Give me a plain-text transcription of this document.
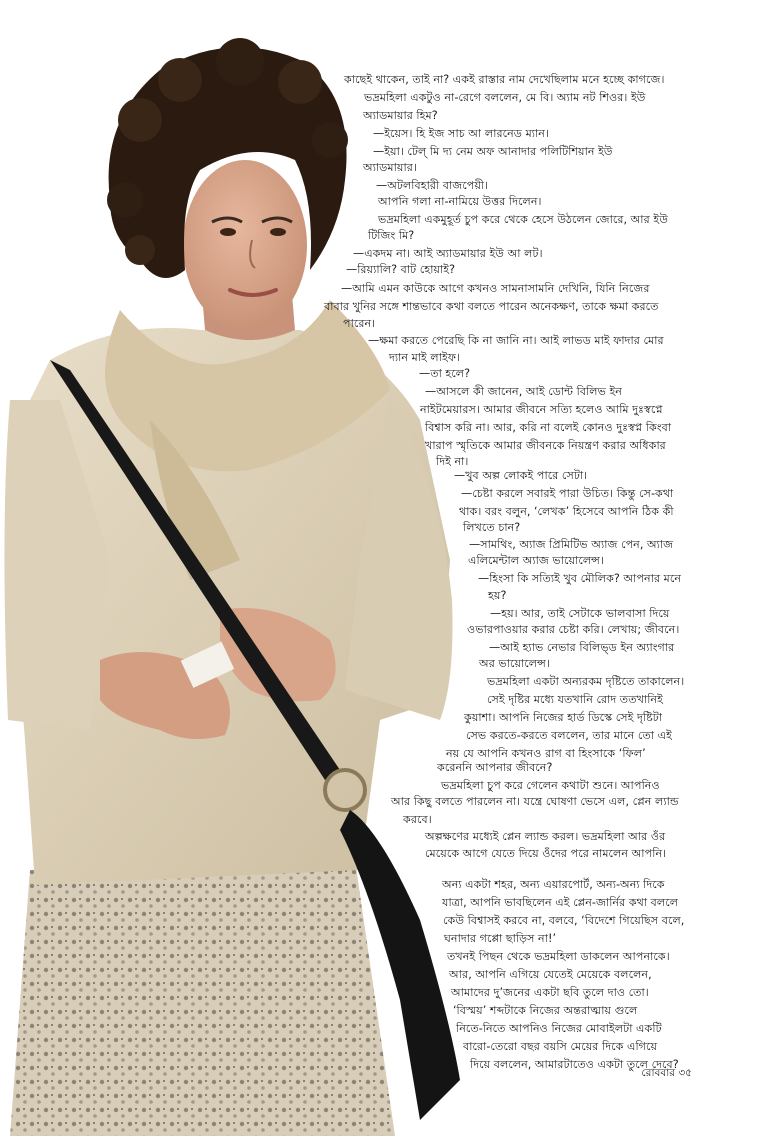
কাছেই থাকেন, তাই না? একই রাস্তার নাম দেখেছিলাম মনে হচ্ছে কাগজে।
ভদ্রমহিলা একটুও না-রেগে বললেন, মে বি। অ্যাম নট শিওর। ইউ
অ্যাডমায়ার হিম?
—ইয়েস। হি ইজ সাচ আ লারনেড ম্যান।
—ইয়া। টেল্‌ মি দ্য নেম অফ আনাদার পলিটিশিয়ান ইউ
অ্যাডমায়ার।
—অটলবিহারী বাজপেয়ী।
আপনি গলা না-নামিয়ে উত্তর দিলেন।
ভদ্রমহিলা একমুহূর্ত চুপ করে থেকে হেসে উঠলেন জোরে, আর ইউ
টিজিং মি?
—একদম না। আই অ্যাডমায়ার ইউ আ লট।
—রিয়্যালি? বাট হোয়াই?
—আমি এমন কাউকে আগে কখনও সামনাসামনি দেখিনি, যিনি নিজের
বাবার খুনির সঙ্গে শান্তভাবে কথা বলতে পারেন অনেকক্ষণ, তাকে ক্ষমা করতে
পারেন।
—ক্ষমা করতে পেরেছি কি না জানি না। আই লাভড মাই ফাদার মোর
দ্যান মাই লাইফ।
—তা হলে?
—আসলে কী জানেন, আই ডোন্ট বিলিভ ইন
নাইটমেয়ারস। আমার জীবনে সত্যি হলেও আমি দুঃস্বপ্নে
বিশ্বাস করি না। আর, করি না বলেই কোনও দুঃস্বপ্ন কিংবা
খারাপ স্মৃতিকে আমার জীবনকে নিয়ন্ত্রণ করার অধিকার
দিই না।
—খুব অল্প লোকই পারে সেটা।
—চেষ্টা করলে সবারই পারা উচিত। কিন্তু সে-কথা
থাক। বরং বলুন, ‘লেখক’ হিসেবে আপনি ঠিক কী
লিখতে চান?
—সামথিং, অ্যাজ প্রিমিটিভ অ্যাজ পেন, অ্যাজ
এলিমেন্টাল অ্যাজ ভায়োলেন্স।
—হিংসা কি সত্যিই খুব মৌলিক? আপনার মনে
হয়?
—হয়। আর, তাই সেটাকে ভালবাসা দিয়ে
ওভারপাওয়ার করার চেষ্টা করি। লেখায়; জীবনে।
—আই হ্যাভ নেভার বিলিভ্‌ড ইন অ্যাংগার
অর ভায়োলেন্স।
ভদ্রমহিলা একটা অন্যরকম দৃষ্টিতে তাকালেন।
সেই দৃষ্টির মধ্যে যতখানি রোদ ততখানিই
কুয়াশা। আপনি নিজের হার্ড ডিস্কে সেই দৃষ্টিটা
সেভ করতে-করতে বললেন, তার মানে তো এই
নয় যে আপনি কখনও রাগ বা হিংসাকে ‘ফিল’
করেননি আপনার জীবনে?
ভদ্রমহিলা চুপ করে গেলেন কথাটা শুনে। আপনিও
আর কিছু বলতে পারলেন না। যন্ত্রে ঘোষণা ভেসে এল, প্লেন ল্যান্ড
করবে।
অল্পক্ষণের মধ্যেই প্লেন ল্যান্ড করল। ভদ্রমহিলা আর ওঁর
মেয়েকে আগে যেতে দিয়ে ওঁদের পরে নামলেন আপনি।
অন্য একটা শহর, অন্য এয়ারপোর্ট, অন্য-অন্য দিকে
যাত্রা, আপনি ভাবছিলেন এই প্লেন-জার্নির কথা বললে
কেউ বিশ্বাসই করবে না, বলবে, ‘বিদেশে গিয়েছিস বলে,
ঘনাদার গপ্পো ছাড়িস না!’
তখনই পিছন থেকে ভদ্রমহিলা ডাকলেন আপনাকে।
আর, আপনি এগিয়ে যেতেই মেয়েকে বললেন,
আমাদের দু’জনের একটা ছবি তুলে দাও তো।
‘বিস্ময়’ শব্দটাকে নিজের অন্তরাত্মায় গুলে
নিতে-নিতে আপনিও নিজের মোবাইলটা একটি
বারো-তেরো বছর বয়সি মেয়ের দিকে এগিয়ে
দিয়ে বললেন, আমারটাতেও একটা তুলে দেবে?
রোববার ৩৫
